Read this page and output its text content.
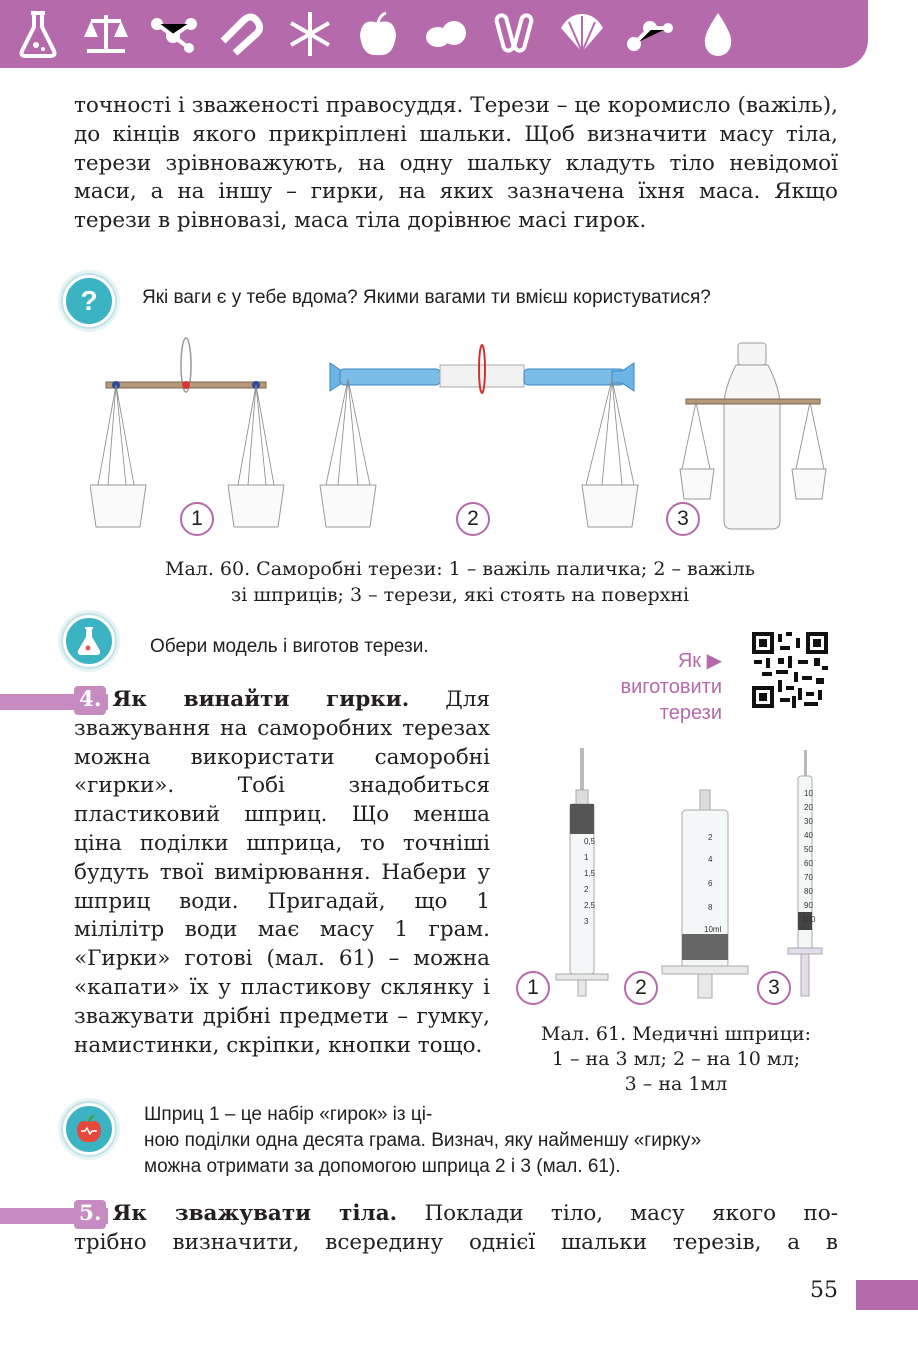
точності і зваженості правосуддя. Терези – це коромисло (важіль), до кінців якого прикріплені шальки. Щоб визначити масу тіла, терези зрівноважують, на одну шальку кладуть тіло невідомої маси, а на іншу – гирки, на яких зазначена їхня маса. Якщо терези в рівновазі, маса тіла дорівнює масі гирок.

? Які ваги є у тебе вдома? Якими вагами ти вмієш користуватися?
1	2	3
Мал. 60. Саморобні терези: 1 – важіль паличка; 2 – важіль
зі шприців; 3 – терези, які стоять на поверхні
Обери модель і виготов терези.
Як ▶
виготовити
терези

4. Як винайти гирки. Для зважування на саморобних терезах можна використати саморобні «гирки». Тобі знадобиться пластиковий шприц. Що менша ціна поділки шприца, то точніші будуть твої вимірювання. Набери у шприц води. Пригадай, що 1 мілілітр води має масу 1 грам. «Гирки» готові (мал. 61) – можна «капати» їх у пластикову склянку і зважувати дрібні предмети – гумку, намистинки, скріпки, кнопки тощо.

0,5
1
1,5
2
2,5
3
2
4
6
8
10ml
10
20
30
40
50
60
70
80
90
100
1	2	3
Мал. 61. Медичні шприци:
1 – на 3 мл; 2 – на 10 мл;
3 – на 1мл
Шприц 1 – це набір «гирок» із ці-
ною поділки одна десята грама. Визнач, яку найменшу «гирку»
можна отримати за допомогою шприца 2 і 3 (мал. 61).

5. Як зважувати тіла. Поклади тіло, масу якого по-

трібно визначити, всередину однієї шальки терезів, а в

55
